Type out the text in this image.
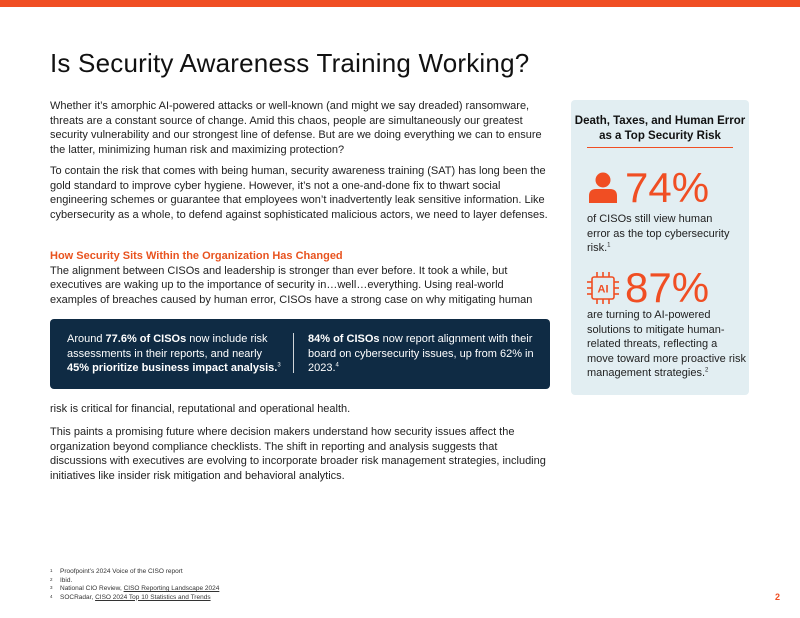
Is Security Awareness Training Working?

Whether it’s amorphic AI-powered attacks or well-known (and might we say dreaded) ransomware, threats are a constant source of change. Amid this chaos, people are simultaneously our greatest security vulnerability and our strongest line of defense. But are we doing everything we can to ensure the latter, minimizing human risk and maximizing protection?

To contain the risk that comes with being human, security awareness training (SAT) has long been the gold standard to improve cyber hygiene. However, it’s not a one-and-done fix to thwart social engineering schemes or guarantee that employees won’t inadvertently leak sensitive information. Like cybersecurity as a whole, to defend against sophisticated malicious actors, we need to layer defenses.

How Security Sits Within the Organization Has Changed
The alignment between CISOs and leadership is stronger than ever before. It took a while, but executives are waking up to the importance of security in…well…everything. Using real-world examples of breaches caused by human error, CISOs have a strong case on why mitigating human
Around 77.6% of CISOs now include risk assessments in their reports, and nearly 45% prioritize business impact analysis.$^3$
84% of CISOs now report alignment with their board on cybersecurity issues, up from 62% in 2023.$^4$

risk is critical for financial, reputational and operational health.

This paints a promising future where decision makers understand how security issues affect the organization beyond compliance checklists. The shift in reporting and analysis suggests that discussions with executives are evolving to incorporate broader risk management strategies, including initiatives like insider risk mitigation and behavioral analytics.

Death, Taxes, and Human Error as a Top Security Risk
74%
of CISOs still view human error as the top cybersecurity risk.$^1$
AI 87%
are turning to AI-powered solutions to mitigate human-related threats, reflecting a move toward more proactive risk management strategies.$^2$
1	Proofpoint’s 2024 Voice of the CISO report
2	Ibid.
3	National CIO Review,
CISO Reporting Landscape 2024
4	SOCRadar,
CISO 2024 Top 10 Statistics and Trends	2
